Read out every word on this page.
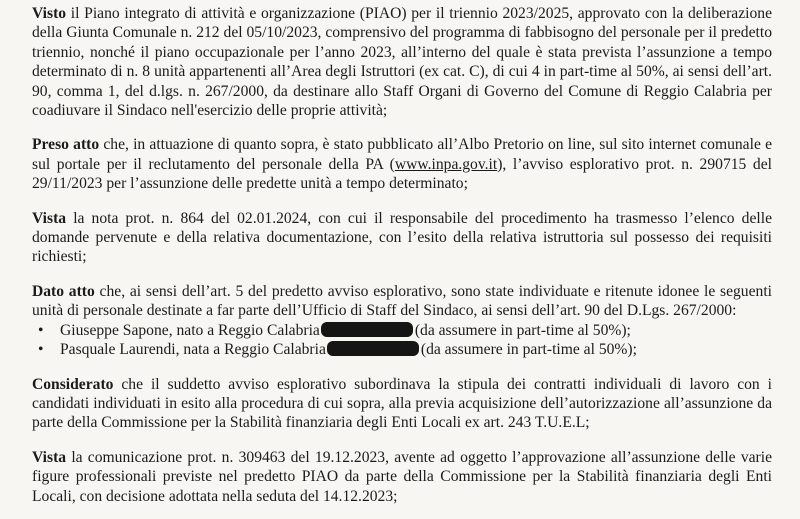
Visto il Piano integrato di attività e organizzazione (PIAO) per il triennio 2023/2025, approvato con la deliberazione della Giunta Comunale n. 212 del 05/10/2023, comprensivo del programma di fabbisogno del personale per il predetto triennio, nonché il piano occupazionale per l’anno 2023, all’interno del quale è stata prevista l’assunzione a tempo determinato di n. 8 unità appartenenti all’Area degli Istruttori (ex cat. C), di cui 4 in part-time al 50%, ai sensi dell’art. 90, comma 1, del d.lgs. n. 267/2000, da destinare allo Staff Organi di Governo del Comune di Reggio Calabria per coadiuvare il Sindaco nell'esercizio delle proprie attività;

Preso atto che, in attuazione di quanto sopra, è stato pubblicato all’Albo Pretorio on line, sul sito internet comunale e sul portale per il reclutamento del personale della PA (www.inpa.gov.it), l’avviso esplorativo prot. n. 290715 del 29/11/2023 per l’assunzione delle predette unità a tempo determinato;

Vista la nota prot. n. 864 del 02.01.2024, con cui il responsabile del procedimento ha trasmesso l’elenco delle domande pervenute e della relativa documentazione, con l’esito della relativa istruttoria sul possesso dei requisiti richiesti;

Dato atto che, ai sensi dell’art. 5 del predetto avviso esplorativo, sono state individuate e ritenute idonee le seguenti unità di personale destinate a far parte dell’Ufficio di Staff del Sindaco, ai sensi dell’art. 90 del D.Lgs. 267/2000:

• Giuseppe Sapone, nato a Reggio Calabria	(da assumere in part-time al 50%);
• Pasquale Laurendi, nata a Reggio Calabria	(da assumere in part-time al 50%);

Considerato che il suddetto avviso esplorativo subordinava la stipula dei contratti individuali di lavoro con i candidati individuati in esito alla procedura di cui sopra, alla previa acquisizione dell’autorizzazione all’assunzione da parte della Commissione per la Stabilità finanziaria degli Enti Locali ex art. 243 T.U.E.L;

Vista la comunicazione prot. n. 309463 del 19.12.2023, avente ad oggetto l’approvazione all’assunzione delle varie figure professionali previste nel predetto PIAO da parte della Commissione per la Stabilità finanziaria degli Enti Locali, con decisione adottata nella seduta del 14.12.2023;
